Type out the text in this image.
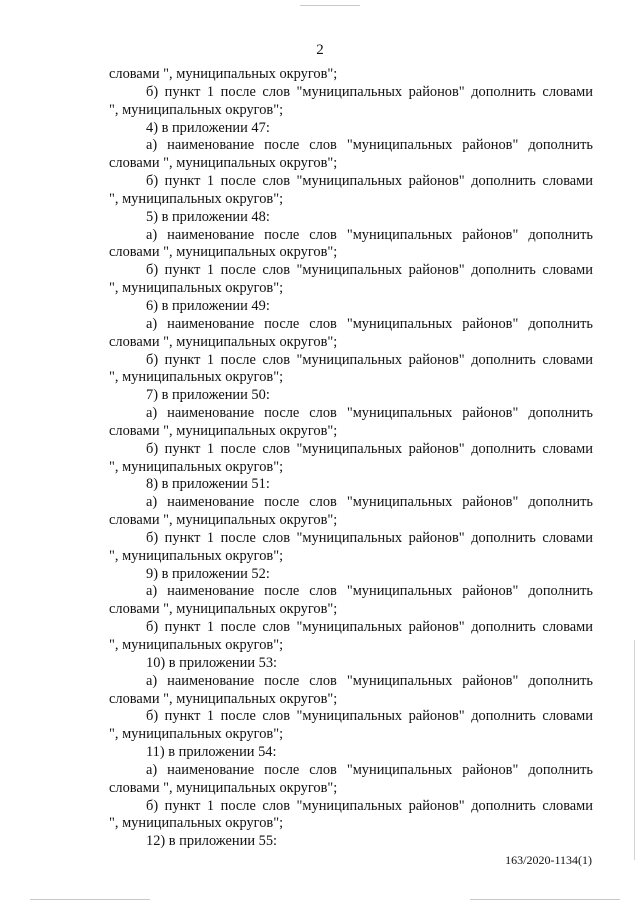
2
словами ", муниципальных округов";
б) пункт 1 после слов "муниципальных районов" дополнить словами
", муниципальных округов";
4) в приложении 47:
а) наименование после слов "муниципальных районов" дополнить
словами ", муниципальных округов";
б) пункт 1 после слов "муниципальных районов" дополнить словами
", муниципальных округов";
5) в приложении 48:
а) наименование после слов "муниципальных районов" дополнить
словами ", муниципальных округов";
б) пункт 1 после слов "муниципальных районов" дополнить словами
", муниципальных округов";
6) в приложении 49:
а) наименование после слов "муниципальных районов" дополнить
словами ", муниципальных округов";
б) пункт 1 после слов "муниципальных районов" дополнить словами
", муниципальных округов";
7) в приложении 50:
а) наименование после слов "муниципальных районов" дополнить
словами ", муниципальных округов";
б) пункт 1 после слов "муниципальных районов" дополнить словами
", муниципальных округов";
8) в приложении 51:
а) наименование после слов "муниципальных районов" дополнить
словами ", муниципальных округов";
б) пункт 1 после слов "муниципальных районов" дополнить словами
", муниципальных округов";
9) в приложении 52:
а) наименование после слов "муниципальных районов" дополнить
словами ", муниципальных округов";
б) пункт 1 после слов "муниципальных районов" дополнить словами
", муниципальных округов";
10) в приложении 53:
а) наименование после слов "муниципальных районов" дополнить
словами ", муниципальных округов";
б) пункт 1 после слов "муниципальных районов" дополнить словами
", муниципальных округов";
11) в приложении 54:
а) наименование после слов "муниципальных районов" дополнить
словами ", муниципальных округов";
б) пункт 1 после слов "муниципальных районов" дополнить словами
", муниципальных округов";
12) в приложении 55:
163/2020-1134(1)
